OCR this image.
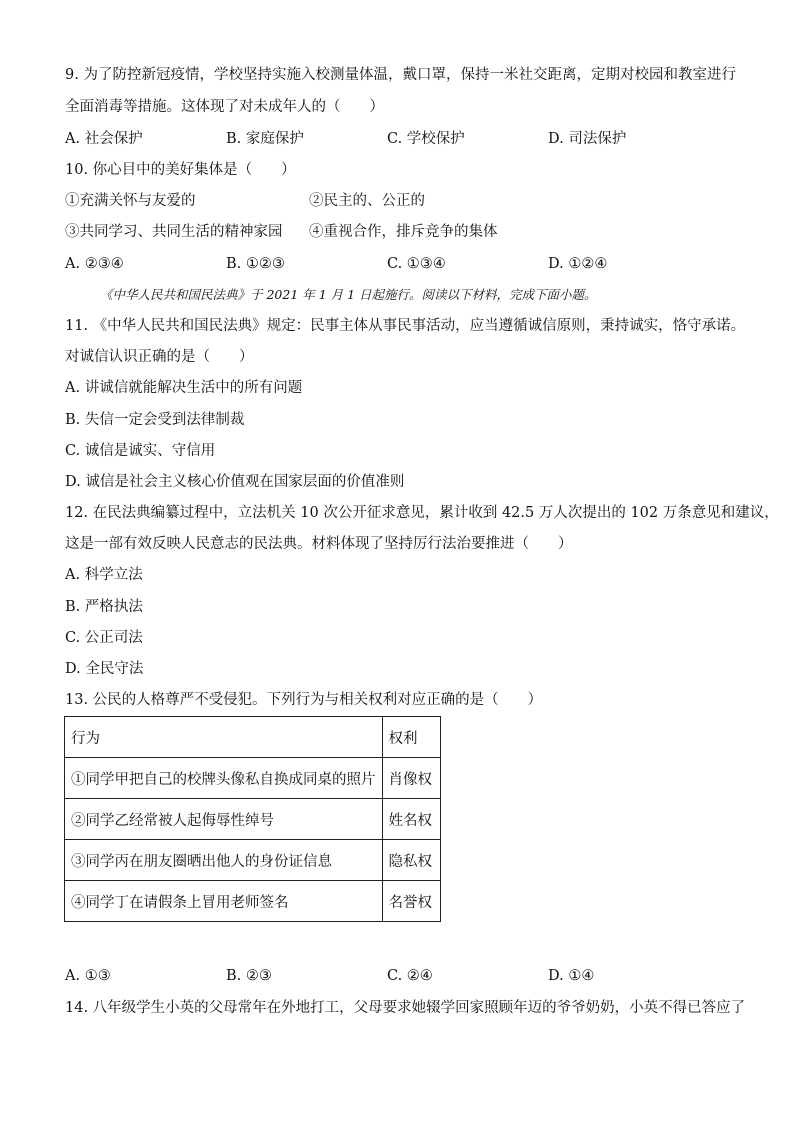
9. 为了防控新冠疫情，学校坚持实施入校测量体温，戴口罩，保持一米社交距离，定期对校园和教室进行
全面消毒等措施。这体现了对未成年人的（　　）
A. 社会保护	B. 家庭保护	C. 学校保护	D. 司法保护
10. 你心目中的美好集体是（　　）
①充满关怀与友爱的	②民主的、公正的
③共同学习、共同生活的精神家园	④重视合作，排斥竞争的集体
A. ②③④	B. ①②③	C. ①③④	D. ①②④
《中华人民共和国民法典》于 2021 年 1 月 1 日起施行。阅读以下材料，完成下面小题。
11. 《中华人民共和国民法典》规定：民事主体从事民事活动，应当遵循诚信原则，秉持诚实，恪守承诺。
对诚信认识正确的是（　　）
A. 讲诚信就能解决生活中的所有问题
B. 失信一定会受到法律制裁
C. 诚信是诚实、守信用
D. 诚信是社会主义核心价值观在国家层面的价值准则
12. 在民法典编纂过程中，立法机关 10 次公开征求意见，累计收到 42.5 万人次提出的 102 万条意见和建议，
这是一部有效反映人民意志的民法典。材料体现了坚持厉行法治要推进（　　）
A. 科学立法
B. 严格执法
C. 公正司法
D. 全民守法
13. 公民的人格尊严不受侵犯。下列行为与相关权利对应正确的是（　　）
行为	权利
①同学甲把自己的校牌头像私自换成同桌的照片	肖像权
②同学乙经常被人起侮辱性绰号	姓名权
③同学丙在朋友圈晒出他人的身份证信息	隐私权
④同学丁在请假条上冒用老师签名	名誉权
A. ①③	B. ②③	C. ②④	D. ①④
14. 八年级学生小英的父母常年在外地打工，父母要求她辍学回家照顾年迈的爷爷奶奶，小英不得已答应了
